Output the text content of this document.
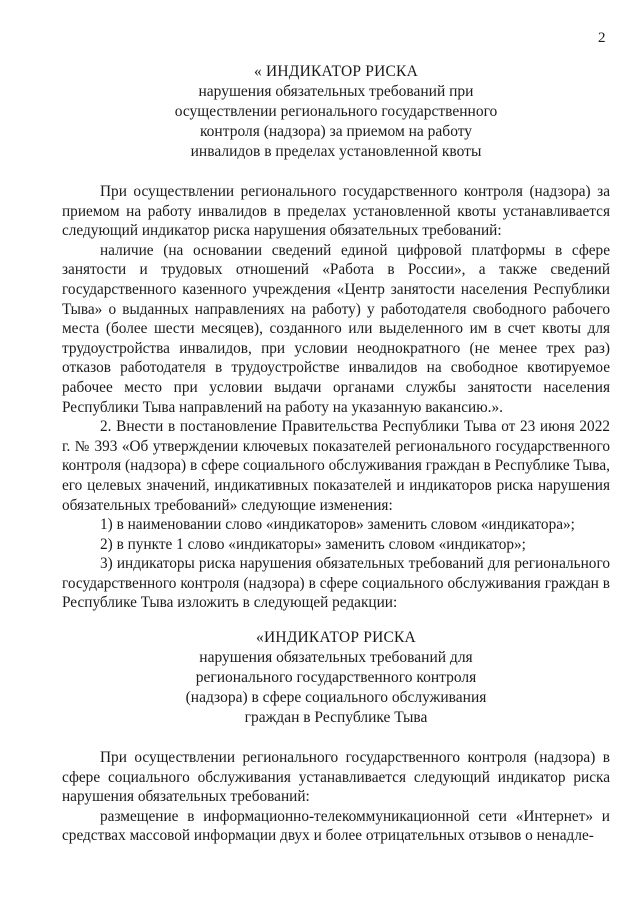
2
« ИНДИКАТОР РИСКА
нарушения обязательных требований при
осуществлении регионального государственного
контроля (надзора) за приемом на работу
инвалидов в пределах установленной квоты

При осуществлении регионального государственного контроля (надзора) за приемом на работу инвалидов в пределах установленной квоты устанавливается следующий индикатор риска нарушения обязательных требований:

наличие (на основании сведений единой цифровой платформы в сфере занятости и трудовых отношений «Работа в России», а также сведений государственного казенного учреждения «Центр занятости населения Республики Тыва» о выданных направлениях на работу) у работодателя свободного рабочего места (более шести месяцев), созданного или выделенного им в счет квоты для трудоустройства инвалидов, при условии неоднократного (не менее трех раз) отказов работодателя в трудоустройстве инвалидов на свободное квотируемое рабочее место при условии выдачи органами службы занятости населения Республики Тыва направлений на работу на указанную вакансию.».

2. Внести в постановление Правительства Республики Тыва от 23 июня 2022 г. № 393 «Об утверждении ключевых показателей регионального государственного контроля (надзора) в сфере социального обслуживания граждан в Республике Тыва, его целевых значений, индикативных показателей и индикаторов риска нарушения обязательных требований» следующие изменения:

1) в наименовании слово «индикаторов» заменить словом «индикатора»;

2) в пункте 1 слово «индикаторы» заменить словом «индикатор»;

3) индикаторы риска нарушения обязательных требований для регионального государственного контроля (надзора) в сфере социального обслуживания граждан в Республике Тыва изложить в следующей редакции:

«ИНДИКАТОР РИСКА
нарушения обязательных требований для
регионального государственного контроля
(надзора) в сфере социального обслуживания
граждан в Республике Тыва

При осуществлении регионального государственного контроля (надзора) в сфере социального обслуживания устанавливается следующий индикатор риска нарушения обязательных требований:

размещение в информационно-телекоммуникационной сети «Интернет» и средствах массовой информации двух и более отрицательных отзывов о ненадле-
